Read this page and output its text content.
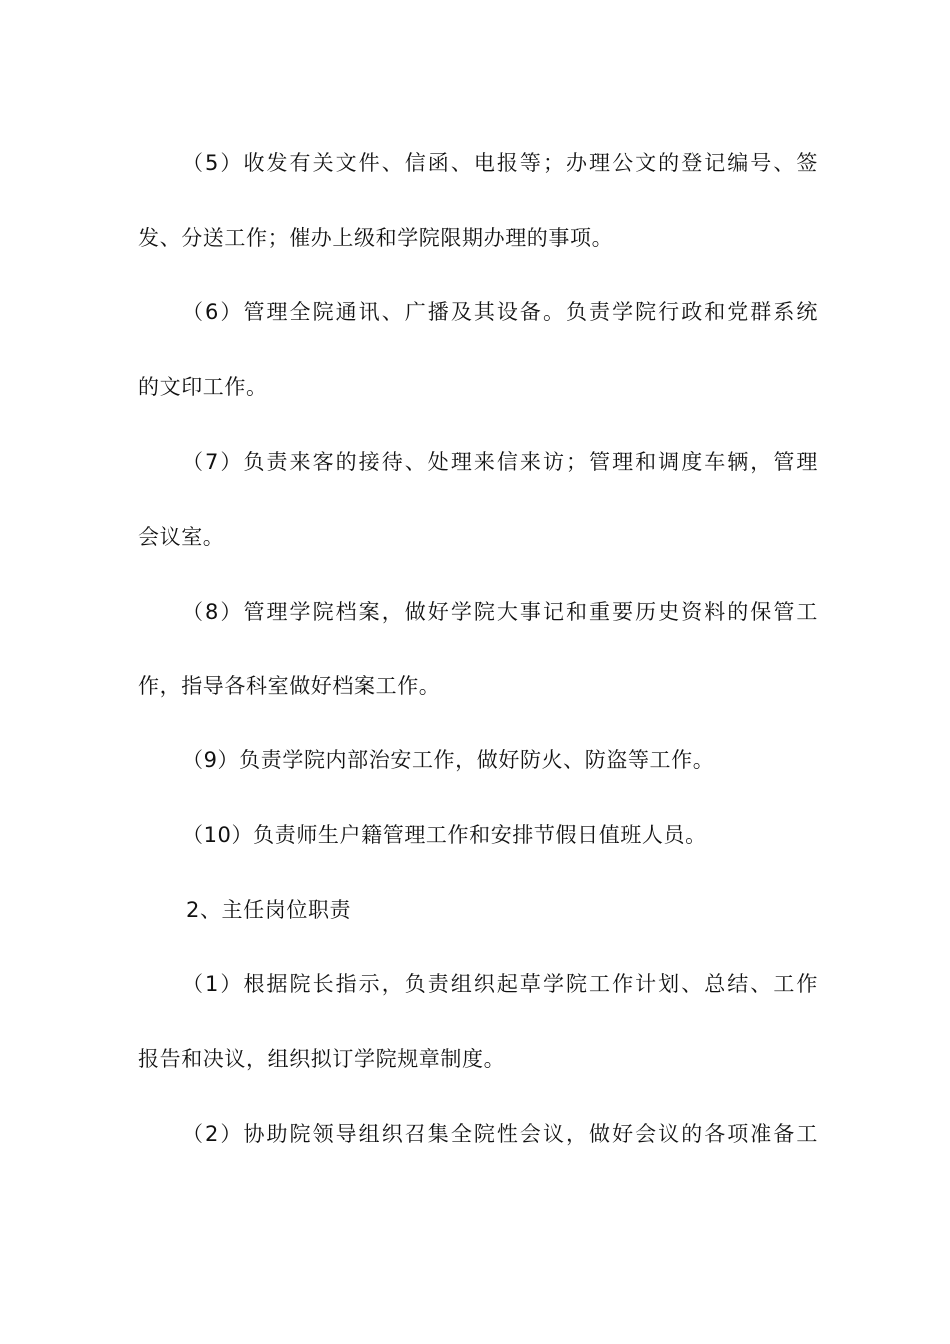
（5）收发有关文件、信函、电报等；办理公文的登记编号、签
发、分送工作；催办上级和学院限期办理的事项。
（6）管理全院通讯、广播及其设备。负责学院行政和党群系统
的文印工作。
（7）负责来客的接待、处理来信来访；管理和调度车辆，管理
会议室。
（8）管理学院档案，做好学院大事记和重要历史资料的保管工
作，指导各科室做好档案工作。
（9）负责学院内部治安工作，做好防火、防盗等工作。
（10）负责师生户籍管理工作和安排节假日值班人员。
2、主任岗位职责
（1）根据院长指示，负责组织起草学院工作计划、总结、工作
报告和决议，组织拟订学院规章制度。
（2）协助院领导组织召集全院性会议，做好会议的各项准备工
